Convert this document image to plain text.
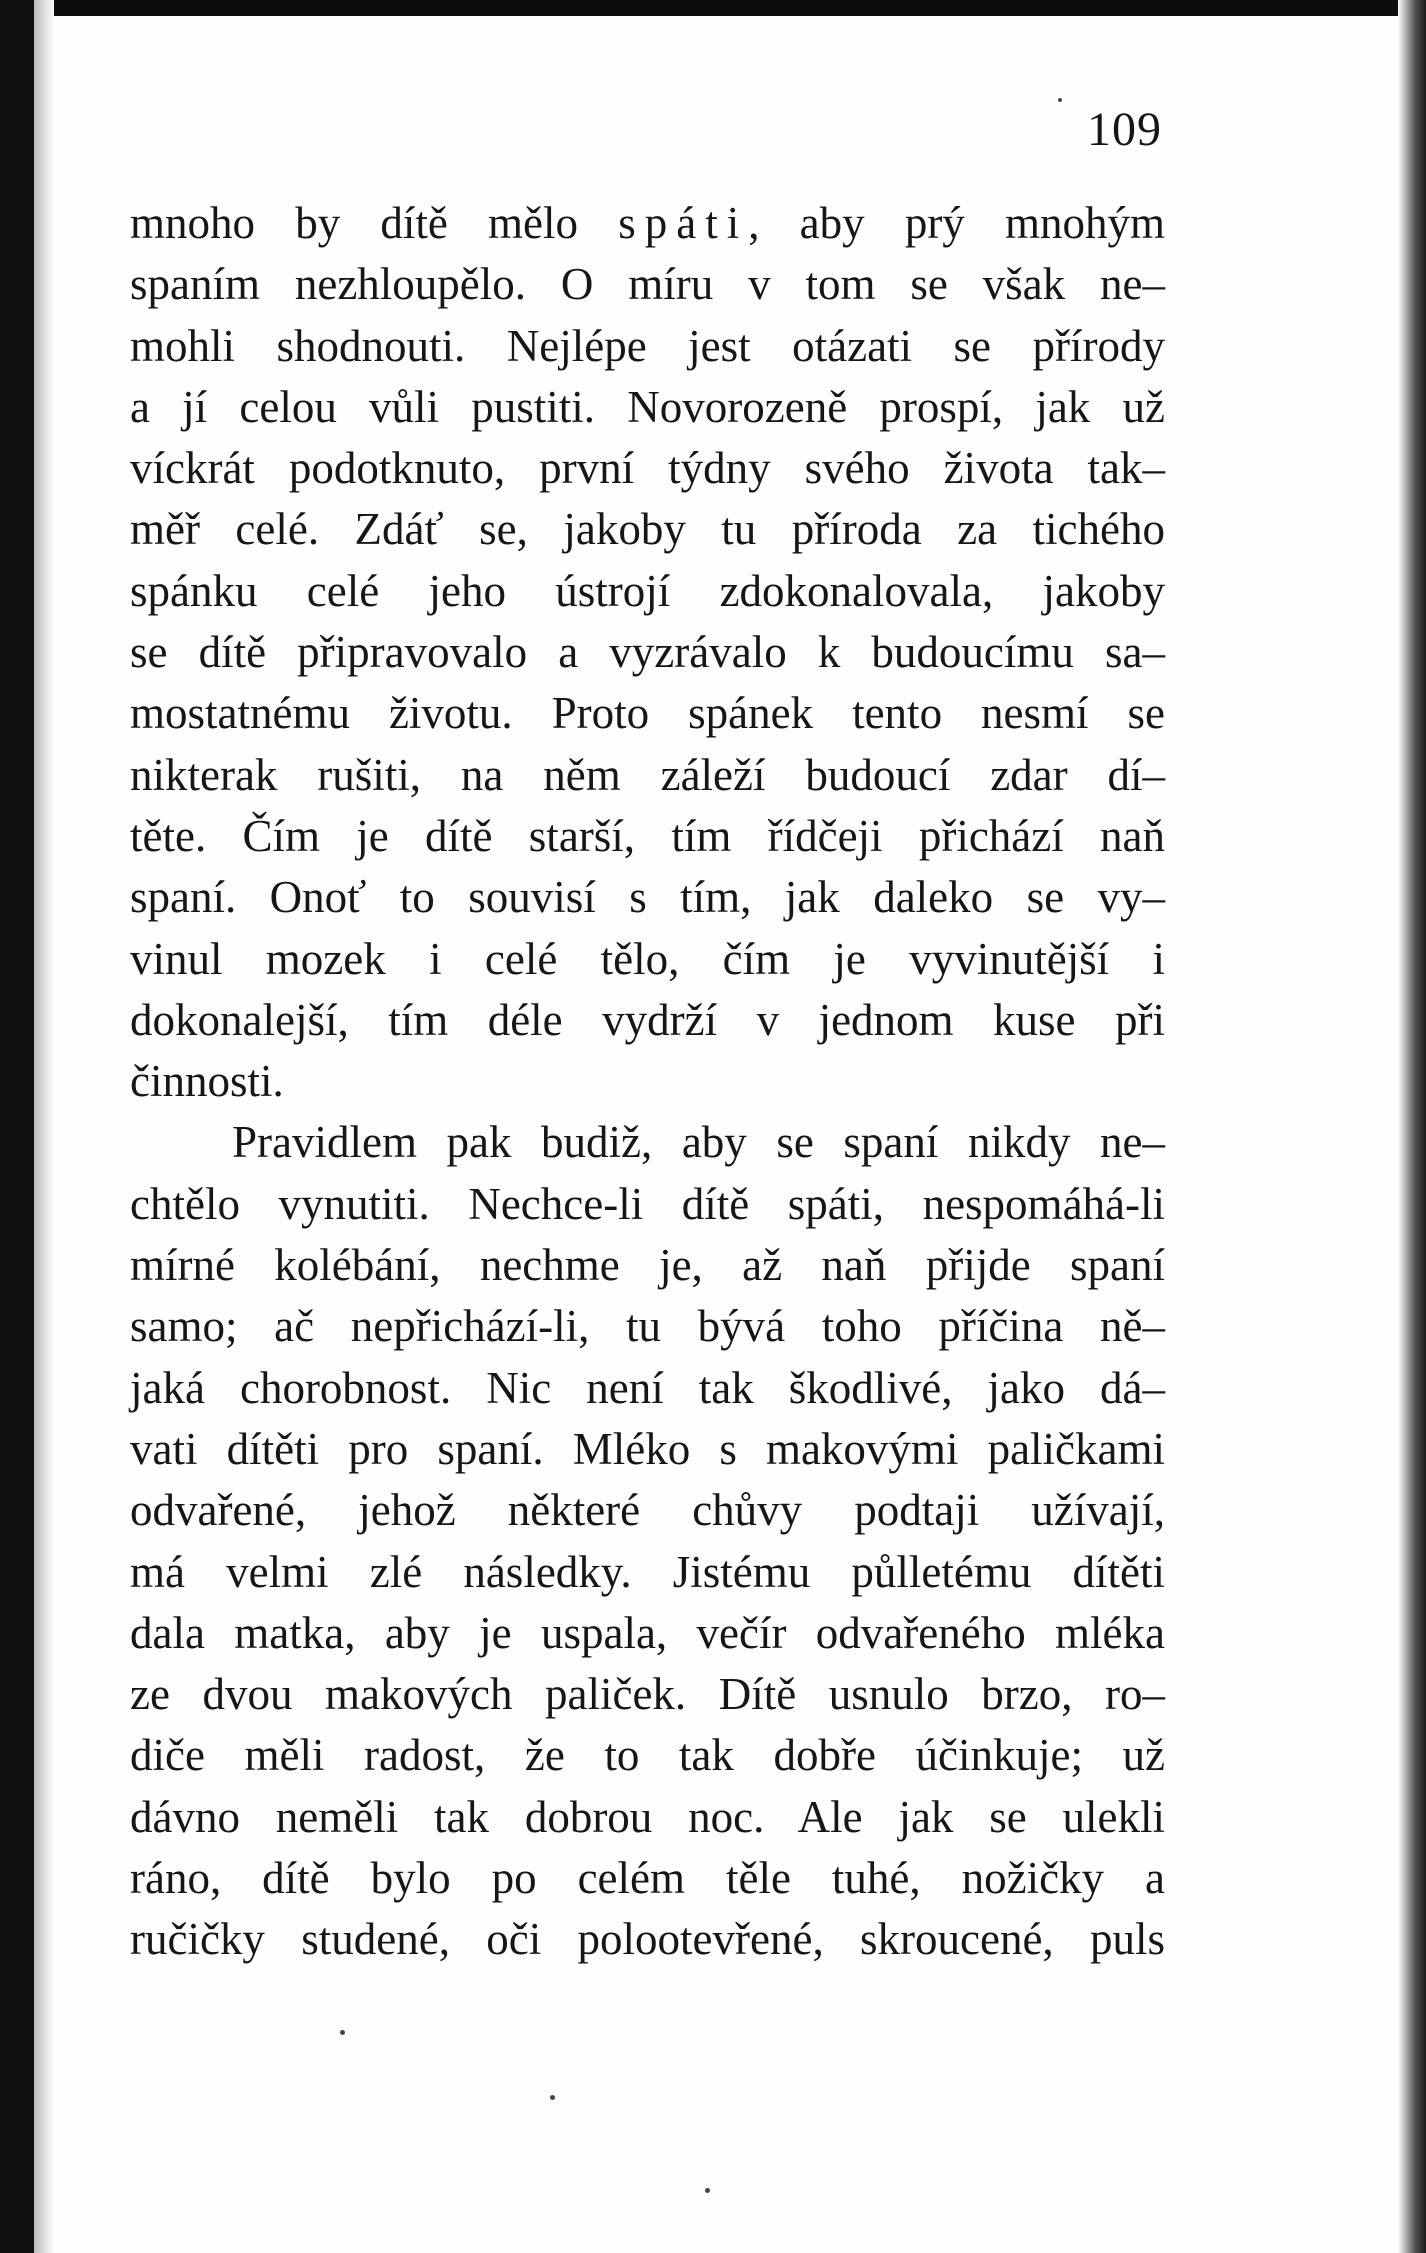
109
mnoho by dítě mělo spáti, aby prý mnohým
spaním nezhloupělo. O míru v tom se však ne–
mohli shodnouti. Nejlépe jest otázati se přírody
a jí celou vůli pustiti. Novorozeně prospí, jak už
víckrát podotknuto, první týdny svého života tak–
měř celé. Zdáť se, jakoby tu příroda za tichého
spánku celé jeho ústrojí zdokonalovala, jakoby
se dítě připravovalo a vyzrávalo k budoucímu sa–
mostatnému životu. Proto spánek tento nesmí se
nikterak rušiti, na něm záleží budoucí zdar dí–
těte. Čím je dítě starší, tím řídčeji přichází naň
spaní. Onoť to souvisí s tím, jak daleko se vy–
vinul mozek i celé tělo, čím je vyvinutější i
dokonalejší, tím déle vydrží v jednom kuse při
činnosti.
Pravidlem pak budiž, aby se spaní nikdy ne–
chtělo vynutiti. Nechce-li dítě spáti, nespomáhá-li
mírné kolébání, nechme je, až naň přijde spaní
samo; ač nepřichází-li, tu bývá toho příčina ně–
jaká chorobnost. Nic není tak škodlivé, jako dá–
vati dítěti pro spaní. Mléko s makovými paličkami
odvařené, jehož některé chůvy podtaji užívají,
má velmi zlé následky. Jistému půlletému dítěti
dala matka, aby je uspala, večír odvařeného mléka
ze dvou makových paliček. Dítě usnulo brzo, ro–
diče měli radost, že to tak dobře účinkuje; už
dávno neměli tak dobrou noc. Ale jak se ulekli
ráno, dítě bylo po celém těle tuhé, nožičky a
ručičky studené, oči polootevřené, skroucené, puls
